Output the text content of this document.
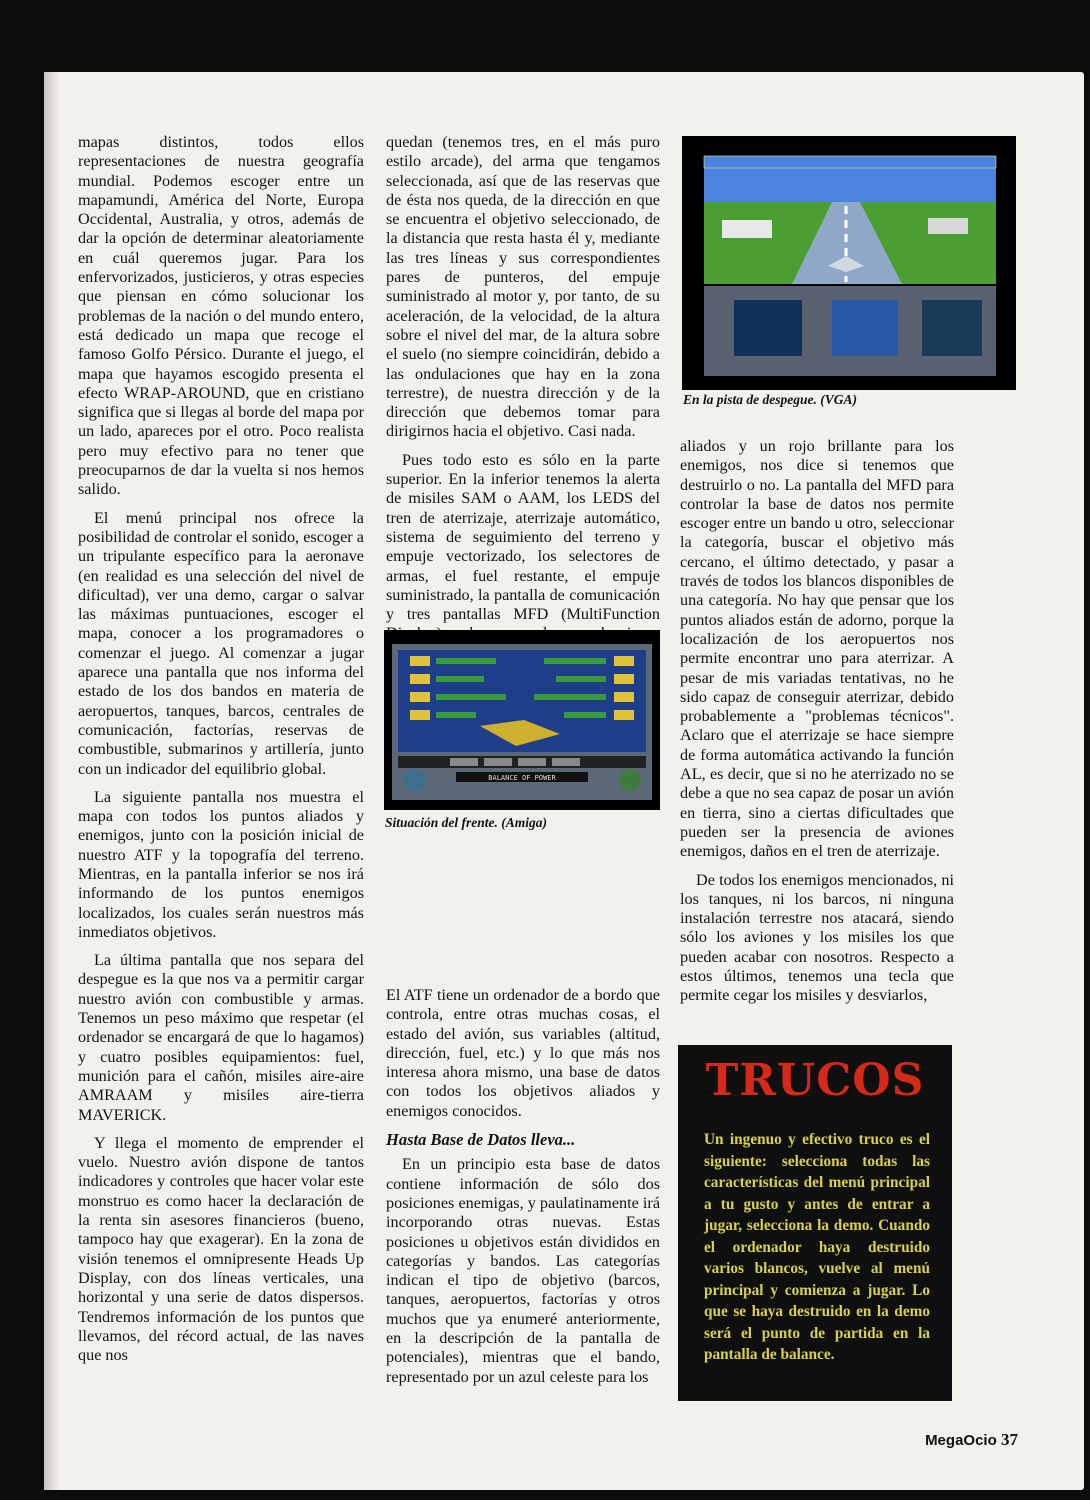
mapas distintos, todos ellos representaciones de nuestra geografía mundial. Podemos escoger entre un mapamundi, América del Norte, Europa Occidental, Australia, y otros, además de dar la opción de determinar aleatoriamente en cuál queremos jugar. Para los enfervorizados, justicieros, y otras especies que piensan en cómo solucionar los problemas de la nación o del mundo entero, está dedicado un mapa que recoge el famoso Golfo Pérsico. Durante el juego, el mapa que hayamos escogido presenta el efecto WRAP-AROUND, que en cristiano significa que si llegas al borde del mapa por un lado, apareces por el otro. Poco realista pero muy efectivo para no tener que preocuparnos de dar la vuelta si nos hemos salido.

El menú principal nos ofrece la posibilidad de controlar el sonido, escoger a un tripulante específico para la aeronave (en realidad es una selección del nivel de dificultad), ver una demo, cargar o salvar las máximas puntuaciones, escoger el mapa, conocer a los programadores o comenzar el juego. Al comenzar a jugar aparece una pantalla que nos informa del estado de los dos bandos en materia de aeropuertos, tanques, barcos, centrales de comunicación, factorías, reservas de combustible, submarinos y artillería, junto con un indicador del equilibrio global.

La siguiente pantalla nos muestra el mapa con todos los puntos aliados y enemigos, junto con la posición inicial de nuestro ATF y la topografía del terreno. Mientras, en la pantalla inferior se nos irá informando de los puntos enemigos localizados, los cuales serán nuestros más inmediatos objetivos.

La última pantalla que nos separa del despegue es la que nos va a permitir cargar nuestro avión con combustible y armas. Tenemos un peso máximo que respetar (el ordenador se encargará de que lo hagamos) y cuatro posibles equipamientos: fuel, munición para el cañón, misiles aire-aire AMRAAM y misiles aire-tierra MAVERICK.

Y llega el momento de emprender el vuelo. Nuestro avión dispone de tantos indicadores y controles que hacer volar este monstruo es como hacer la declaración de la renta sin asesores financieros (bueno, tampoco hay que exagerar). En la zona de visión tenemos el omnipresente Heads Up Display, con dos líneas verticales, una horizontal y una serie de datos dispersos. Tendremos información de los puntos que llevamos, del récord actual, de las naves que nos

quedan (tenemos tres, en el más puro estilo arcade), del arma que tengamos seleccionada, así que de las reservas que de ésta nos queda, de la dirección en que se encuentra el objetivo seleccionado, de la distancia que resta hasta él y, mediante las tres líneas y sus correspondientes pares de punteros, del empuje suministrado al motor y, por tanto, de su aceleración, de la velocidad, de la altura sobre el nivel del mar, de la altura sobre el suelo (no siempre coincidirán, debido a las ondulaciones que hay en la zona terrestre), de nuestra dirección y de la dirección que debemos tomar para dirigirnos hacia el objetivo. Casi nada.

Pues todo esto es sólo en la parte superior. En la inferior tenemos la alerta de misiles SAM o AAM, los LEDS del tren de aterrizaje, aterrizaje automático, sistema de seguimiento del terreno y empuje vectorizado, los selectores de armas, el fuel restante, el empuje suministrado, la pantalla de comunicación y tres pantallas MFD (MultiFunction

BALANCE OF POWER
Situación del frente. (Amiga)

El ATF tiene un ordenador de a bordo que controla, entre otras muchas cosas, el estado del avión, sus variables (altitud, dirección, fuel, etc.) y lo que más nos interesa ahora mismo, una base de datos con todos los objetivos aliados y enemigos conocidos.

Hasta Base de Datos lleva...

En un principio esta base de datos contiene información de sólo dos posiciones enemigas, y paulatinamente irá incorporando otras nuevas. Estas posiciones u objetivos están divididos en categorías y bandos. Las categorías indican el tipo de objetivo (barcos, tanques, aeropuertos, factorías y otros muchos que ya enumeré anteriormente, en la descripción de la pantalla de potenciales), mientras que el bando, representado por un azul celeste para los

En la pista de despegue. (VGA)

aliados y un rojo brillante para los enemigos, nos dice si tenemos que destruirlo o no. La pantalla del MFD para controlar la base de datos nos permite escoger entre un bando u otro, seleccionar la categoría, buscar el objetivo más cercano, el último detectado, y pasar a través de todos los blancos disponibles de una categoría. No hay que pensar que los puntos aliados están de adorno, porque la localización de los aeropuertos nos permite encontrar uno para aterrizar. A pesar de mis variadas tentativas, no he sido capaz de conseguir aterrizar, debido probablemente a "problemas técnicos". Aclaro que el aterrizaje se hace siempre de forma automática activando la función AL, es decir, que si no he aterrizado no se debe a que no sea capaz de posar un avión en tierra, sino a ciertas dificultades que pueden ser la presencia de aviones enemigos, daños en el tren de aterrizaje.

De todos los enemigos mencionados, ni los tanques, ni los barcos, ni ninguna instalación terrestre nos atacará, siendo sólo los aviones y los misiles los que pueden acabar con nosotros. Respecto a estos últimos, tenemos una tecla que permite cegar los misiles y desviarlos,

TRUCOS
Un ingenuo y efectivo truco es el siguiente: selecciona todas las características del menú principal a tu gusto y antes de entrar a jugar, selecciona la demo. Cuando el ordenador haya destruido varios blancos, vuelve al menú principal y comienza a jugar. Lo que se haya destruido en la demo será el punto de partida en la pantalla de balance.
MegaOcio 37
